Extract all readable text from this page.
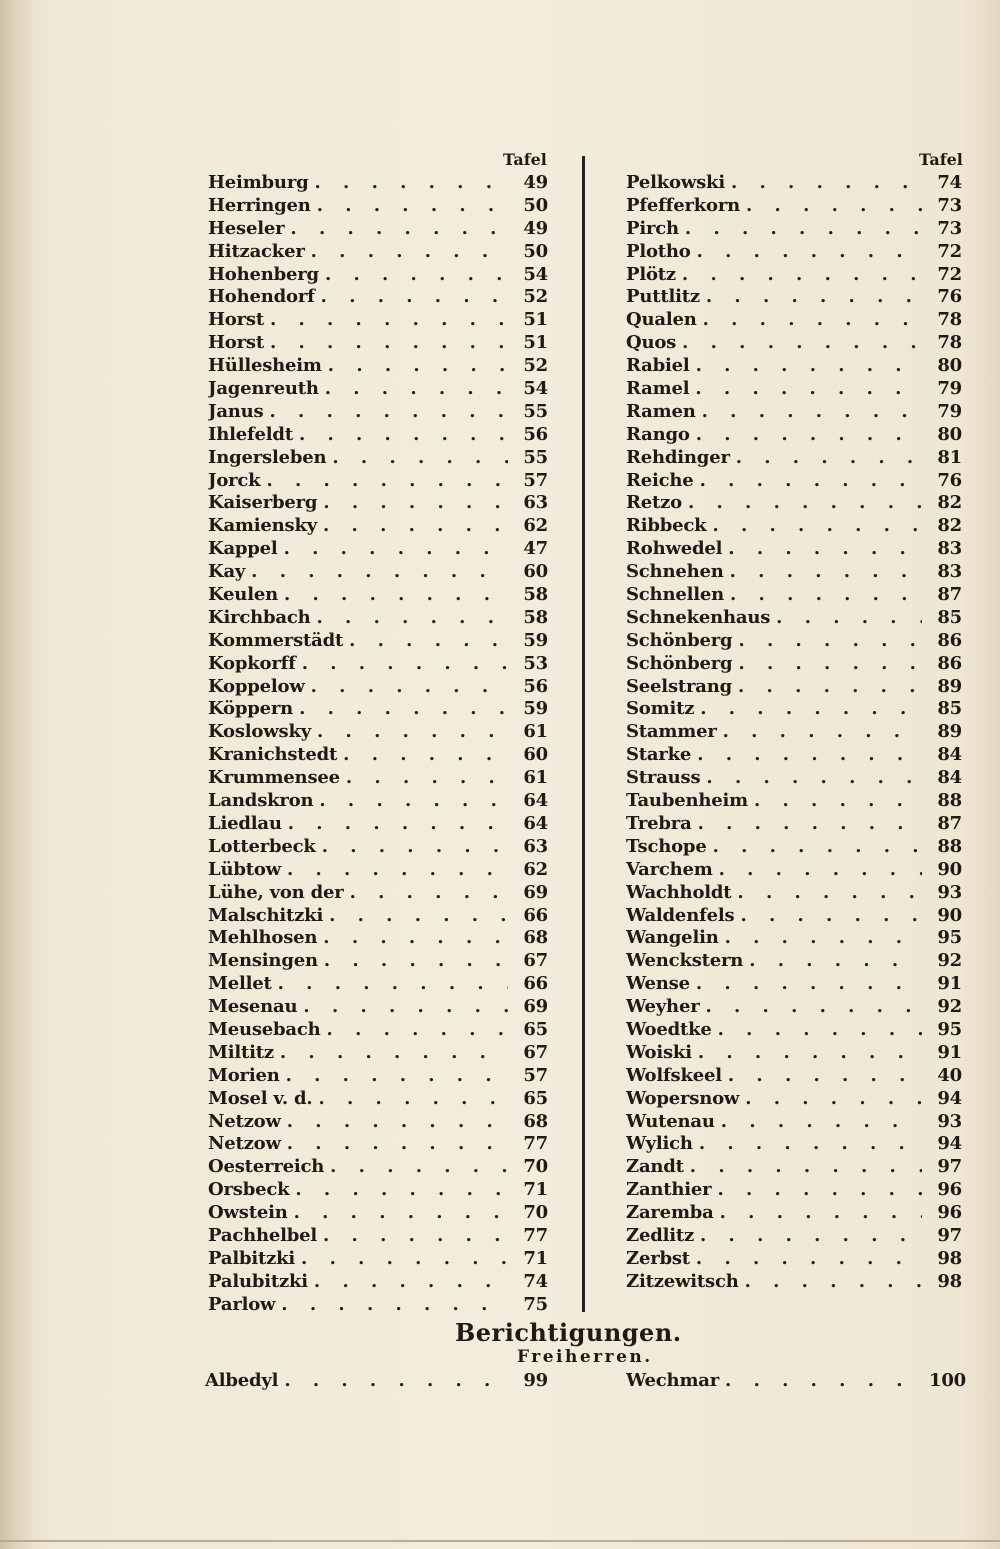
Tafel	Tafel
Heimburg . . .	49
Herringen . . .	50
Heseler . . .	49
Hitzacker . . .	50
Hohenberg . . .	54
Hohendorf . . .	52
Horst . . .	51
Horst . . .	51
Hüllesheim . . .	52
Jagenreuth . . .	54
Janus . . .	55
Ihlefeldt . . .	56
Ingersleben . . .	55
Jorck . . .	57
Kaiserberg . . .	63
Kamiensky . . .	62
Kappel . . .	47
Kay . . .	60
Keulen . . .	58
Kirchbach . . .	58
Kommerstädt . . .	59
Kopkorff . . .	53
Koppelow . . .	56
Köppern . . .	59
Koslowsky . . .	61
Kranichstedt . . .	60
Krummensee . . .	61
Landskron . . .	64
Liedlau . . .	64
Lotterbeck . . .	63
Lübtow . . .	62
Lühe, von der . . .	69
Malschitzki . . .	66
Mehlhosen . . .	68
Mensingen . . .	67
Mellet . . .	66
Mesenau . . .	69
Meusebach . . .	65
Miltitz . . .	67
Morien . . .	57
Mosel v. d. . . .	65
Netzow . . .	68
Netzow . . .	77
Oesterreich . . .	70
Orsbeck . . .	71
Owstein . . .	70
Pachhelbel . . .	77
Palbitzki . . .	71
Palubitzki . . .	74
Parlow . . .	75
Pelkowski . . .	74
Pfefferkorn . . .	73
Pirch . . .	73
Plotho . . .	72
Plötz . . .	72
Puttlitz . . .	76
Qualen . . .	78
Quos . . .	78
Rabiel . . .	80
Ramel . . .	79
Ramen . . .	79
Rango . . .	80
Rehdinger . . .	81
Reiche . . .	76
Retzo . . .	82
Ribbeck . . .	82
Rohwedel . . .	83
Schnehen . . .	83
Schnellen . . .	87
Schnekenhaus . . .	85
Schönberg . . .	86
Schönberg . . .	86
Seelstrang . . .	89
Somitz . . .	85
Stammer . . .	89
Starke . . .	84
Strauss . . .	84
Taubenheim . . .	88
Trebra . . .	87
Tschope . . .	88
Varchem . . .	90
Wachholdt . . .	93
Waldenfels . . .	90
Wangelin . . .	95
Wenckstern . . .	92
Wense . . .	91
Weyher . . .	92
Woedtke . . .	95
Woiski . . .	91
Wolfskeel . . .	40
Wopersnow . . .	94
Wutenau . . .	93
Wylich . . .	94
Zandt . . .	97
Zanthier . . .	96
Zaremba . . .	96
Zedlitz . . .	97
Zerbst . . .	98
Zitzewitsch . . .	98
Berichtigungen.
Freiherren.
Albedyl . . .	99	Wechmar . . .	100
